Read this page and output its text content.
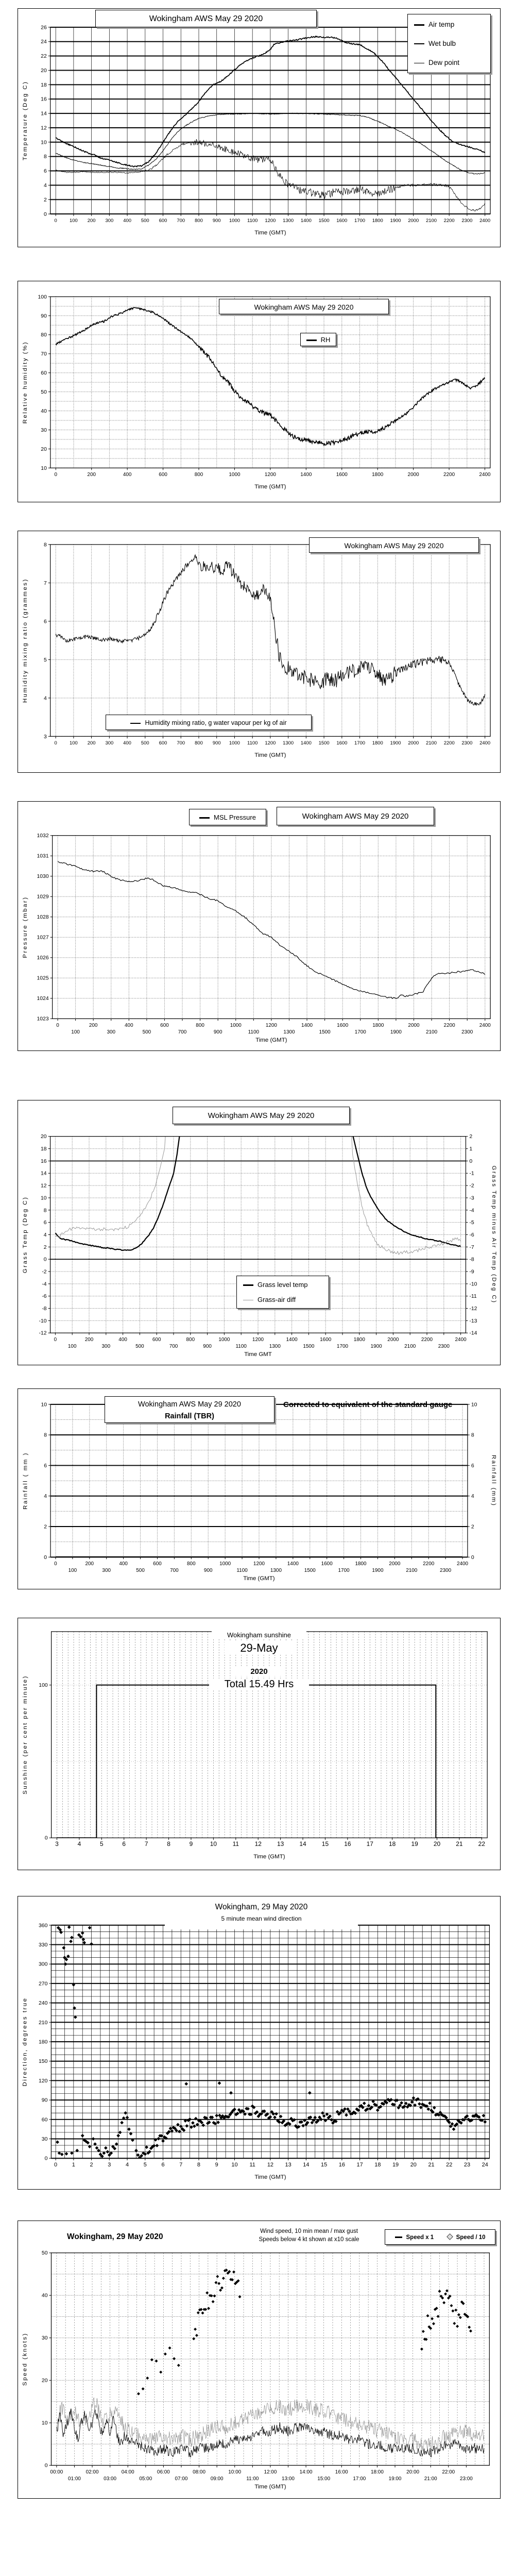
0	100 200 300 400 500 600 700 800 900 1000 1100 1200 1300 1400 1500 1600 1700 1800 1900 2000 2100 2200 2300 2400
Time (GMT)
0
2
4
6
8
10
12
14
16
18
20
22
24
26
Temperature (Deg C)
Wokingham AWS May 29 2020
Air temp
Wet bulb
Dew point
0	200	400	600	800	1000	1200	1400	1600	1800	2000	2200	2400
Time (GMT)
10
20
30
40
50
60
70
80
90
100
Relative humidity (%)
Wokingham AWS May 29 2020
RH
0	100 200 300 400 500 600 700 800 900 1000 1100 1200 1300 1400 1500 1600 1700 1800 1900 2000 2100 2200 2300 2400
Time (GMT)
3
4
5
6
7
8
Humidity mixing ratio (grammes)
Wokingham AWS May 29 2020
Humidity mixing ratio, g water vapour per kg of air
0
100
200
300
400
500
600
700
800
900
1000
1100
1200
1300
1400
1500
1600
1700
1800
1900
2000
2100
2200
2300
2400
Time (GMT)
1023
1024
1025
1026
1027
1028
1029
1030
1031
1032
Pressure (mbar)
MSL Pressure	Wokingham AWS May 29 2020
0
100
200
300
400
500
600
700
800
900
1000
1100
1200
1300
1400
1500
1600
1700
1800
1900
2000
2100
2200
2300
2400
Time GMT
-12
-10
-8
-6
-4
-2
0
2
4
6
8
10
12
14
16
18
20
Grass Temp (Deg C)
-14
-13
-12
-11
-10
-9
-8
-7
-6
-5
-4
-3
-2
-1
0
1
2
Grass Temp minus Air Temp (Deg C)
Wokingham AWS May 29 2020
Grass level temp
Grass-air diff
0
100
200
300
400
500
600
700
800
900
1000
1100
1200
1300
1400
1500
1600
1700
1800
1900
2000
2100
2200
2300
2400
Time (GMT)
0
2
4
6
8
10
Rainfall ( mm )
0
2
4
6
8
10
Rainfall (mm)
Wokingham AWS May 29 2020
Rainfall (TBR)
Corrected to equivalent of the standard gauge
3	4	5	6	7	8	9	10	11	12	13	14	15	16	17	18	19	20	21	22
Time (GMT)
0
100
Sunshine (per cent per minute)
Wokingham sunshine
29-May
2020
Total 15.49 Hrs
0	1	2	3	4	5	6	7	8	9 10 11 12 13 14 15 16 17 18 19 20 21 22 23 24
Time (GMT)
0
30
60
90
120
150
180
210
240
270
300
330
360
Direction, degrees true
Wokingham, 29 May 2020
5 minute mean wind direction
00:00
01:00
02:00
03:00
04:00
05:00
06:00
07:00
08:00
09:00
10:00
11:00
12:00
13:00
14:00
15:00
16:00
17:00
18:00
19:00
20:00
21:00
22:00
23:00
Time (GMT)
0
10
20
30
40
50
Speed (knots)
Wokingham, 29 May 2020
Wind speed, 10 min mean / max gust
Speeds below 4 kt shown at x10 scale	Speed x 1	Speed / 10
